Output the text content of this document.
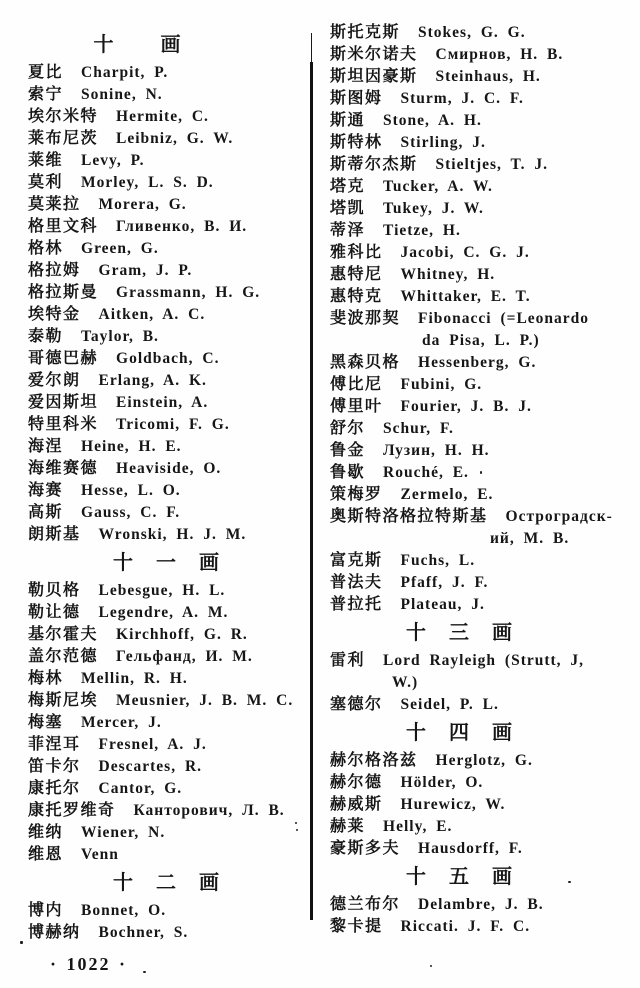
十 画
夏比 Charpit, P.
索宁 Sonine, N.
埃尔米特 Hermite, C.
莱布尼茨 Leibniz, G. W.
莱维 Levy, P.
莫利 Morley, L. S. D.
莫莱拉 Morera, G.
格里文科 Гливенко, В. И.
格林 Green, G.
格拉姆 Gram, J. P.
格拉斯曼 Grassmann, H. G.
埃特金 Aitken, A. C.
泰勒 Taylor, B.
哥德巴赫 Goldbach, C.
爱尔朗 Erlang, A. K.
爱因斯坦 Einstein, A.
特里科米 Tricomi, F. G.
海涅 Heine, H. E.
海维赛德 Heaviside, O.
海赛 Hesse, L. O.
高斯 Gauss, C. F.
朗斯基 Wronski, H. J. M.
十 一 画
勒贝格 Lebesgue, H. L.
勒让德 Legendre, A. M.
基尔霍夫 Kirchhoff, G. R.
盖尔范德 Гельфанд, И. М.
梅林 Mellin, R. H.
梅斯尼埃 Meusnier, J. B. M. C.
梅塞 Mercer, J.
菲涅耳 Fresnel, A. J.
笛卡尔 Descartes, R.
康托尔 Cantor, G.
康托罗维奇 Канторович, Л. В.
维纳 Wiener, N.
维恩 Venn
十 二 画
博内 Bonnet, O.
博赫纳 Bochner, S.
斯托克斯 Stokes, G. G.
斯米尔诺夫 Смирнов, Н. В.
斯坦因豪斯 Steinhaus, H.
斯图姆 Sturm, J. C. F.
斯通 Stone, A. H.
斯特林 Stirling, J.
斯蒂尔杰斯 Stieltjes, T. J.
塔克 Tucker, A. W.
塔凯 Tukey, J. W.
蒂泽 Tietze, H.
雅科比 Jacobi, C. G. J.
惠特尼 Whitney, H.
惠特克 Whittaker, E. T.
斐波那契 Fibonacci (=Leonardo
da Pisa, L. P.)
黑森贝格 Hessenberg, G.
傅比尼 Fubini, G.
傅里叶 Fourier, J. B. J.
舒尔 Schur, F.
鲁金 Лузин, Н. Н.
鲁歇 Rouché, E.
策梅罗 Zermelo, E.
奥斯特洛格拉特斯基 Остроградск-
ий, М. В.
富克斯 Fuchs, L.
普法夫 Pfaff, J. F.
普拉托 Plateau, J.
十 三 画
雷利 Lord Rayleigh (Strutt, J,
W.)
塞德尔 Seidel, P. L.
十 四 画
赫尔格洛兹 Herglotz, G.
赫尔德 Hölder, O.
赫威斯 Hurewicz, W.
赫莱 Helly, E.
豪斯多夫 Hausdorff, F.
十 五 画
德兰布尔 Delambre, J. B.
黎卡提 Riccati. J. F. C.
· 1022 ·
